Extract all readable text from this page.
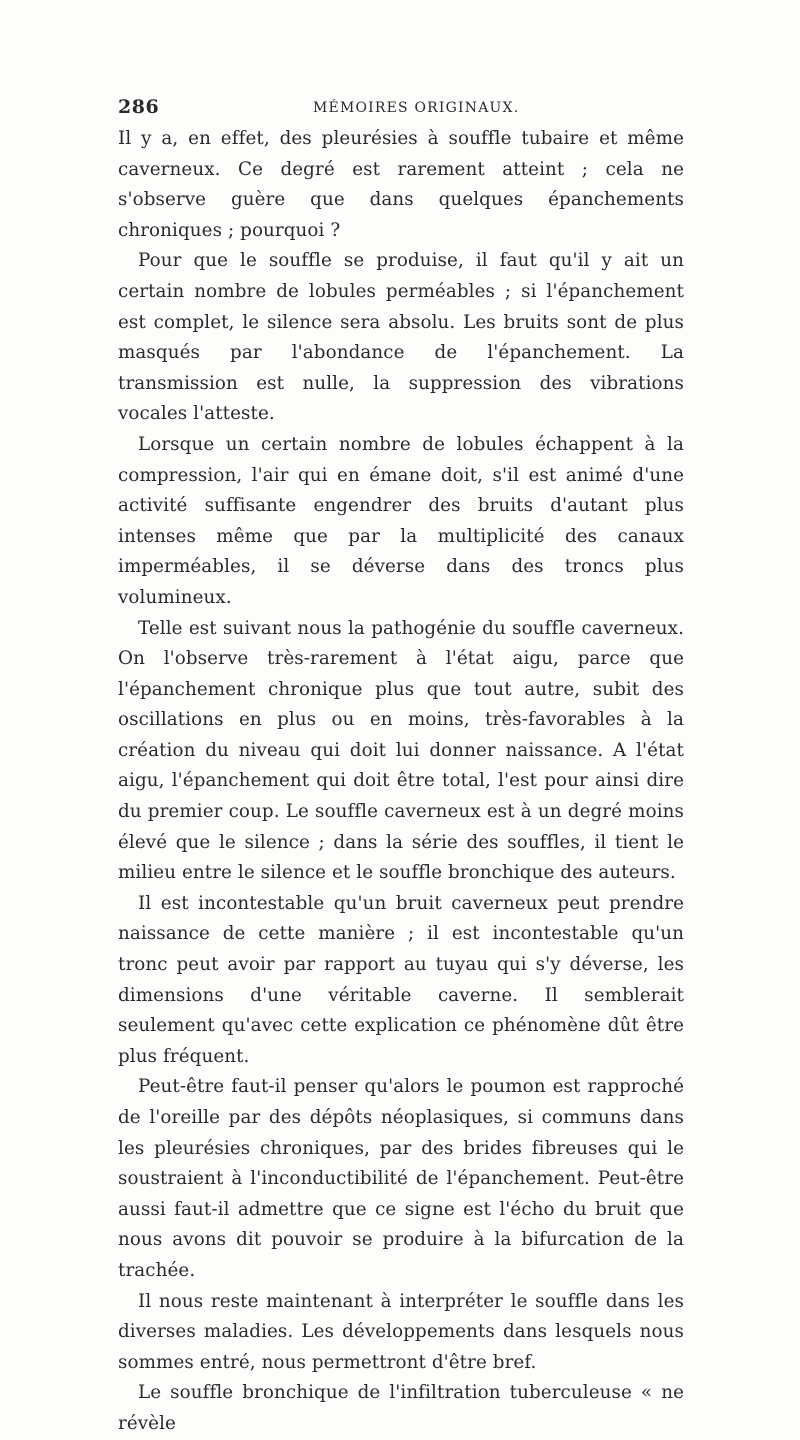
286	MÉMOIRES ORIGINAUX.

Il y a, en effet, des pleurésies à souffle tubaire et même caverneux. Ce degré est rarement atteint ; cela ne s'observe guère que dans quelques épanchements chroniques ; pourquoi ?

Pour que le souffle se produise, il faut qu'il y ait un certain nombre de lobules perméables ; si l'épanchement est complet, le silence sera absolu. Les bruits sont de plus masqués par l'abondance de l'épanchement. La transmission est nulle, la suppression des vibrations vocales l'atteste.

Lorsque un certain nombre de lobules échappent à la compression, l'air qui en émane doit, s'il est animé d'une activité suffisante engendrer des bruits d'autant plus intenses même que par la multiplicité des canaux imperméables, il se déverse dans des troncs plus volumineux.

Telle est suivant nous la pathogénie du souffle caverneux. On l'observe très-rarement à l'état aigu, parce que l'épanchement chronique plus que tout autre, subit des oscillations en plus ou en moins, très-favorables à la création du niveau qui doit lui donner naissance. A l'état aigu, l'épanchement qui doit être total, l'est pour ainsi dire du premier coup. Le souffle caverneux est à un degré moins élevé que le silence ; dans la série des souffles, il tient le milieu entre le silence et le souffle bronchique des auteurs.

Il est incontestable qu'un bruit caverneux peut prendre naissance de cette manière ; il est incontestable qu'un tronc peut avoir par rapport au tuyau qui s'y déverse, les dimensions d'une véritable caverne. Il semblerait seulement qu'avec cette explication ce phénomène dût être plus fréquent.

Peut-être faut-il penser qu'alors le poumon est rapproché de l'oreille par des dépôts néoplasiques, si communs dans les pleurésies chroniques, par des brides fibreuses qui le soustraient à l'inconductibilité de l'épanchement. Peut-être aussi faut-il admettre que ce signe est l'écho du bruit que nous avons dit pouvoir se produire à la bifurcation de la trachée.

Il nous reste maintenant à interpréter le souffle dans les diverses maladies. Les développements dans lesquels nous sommes entré, nous permettront d'être bref.

Le souffle bronchique de l'infiltration tuberculeuse « ne révèle
